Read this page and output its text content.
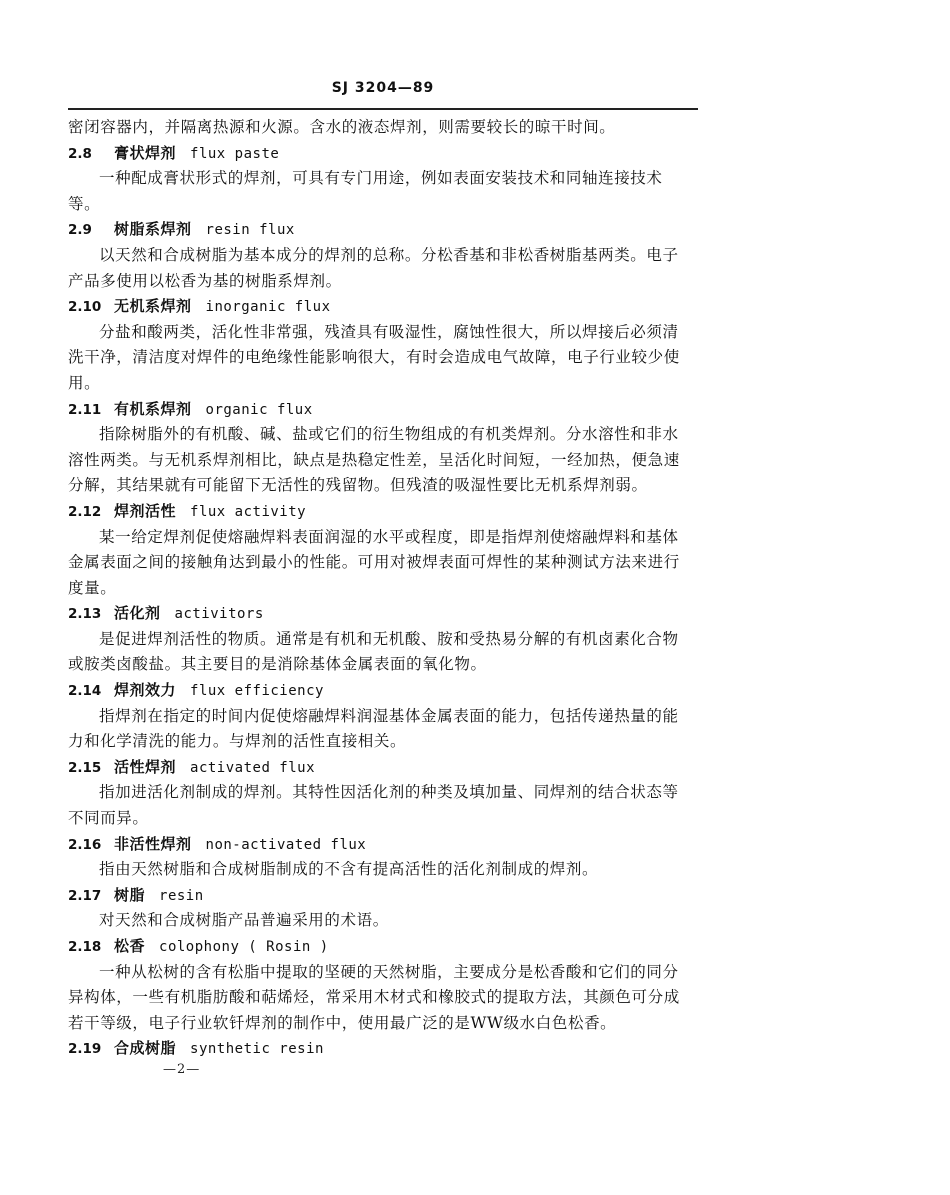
SJ 3204—89
密闭容器内，并隔离热源和火源。含水的液态焊剂，则需要较长的晾干时间。
2.8 膏状焊剂 flux paste
一种配成膏状形式的焊剂，可具有专门用途，例如表面安装技术和同轴连接技术
等。
2.9 树脂系焊剂 resin flux
以天然和合成树脂为基本成分的焊剂的总称。分松香基和非松香树脂基两类。电子
产品多使用以松香为基的树脂系焊剂。
2.10 无机系焊剂 inorganic flux
分盐和酸两类，活化性非常强，残渣具有吸湿性，腐蚀性很大，所以焊接后必须清
洗干净，清洁度对焊件的电绝缘性能影响很大，有时会造成电气故障，电子行业较少使
用。
2.11 有机系焊剂 organic flux
指除树脂外的有机酸、碱、盐或它们的衍生物组成的有机类焊剂。分水溶性和非水
溶性两类。与无机系焊剂相比，缺点是热稳定性差，呈活化时间短，一经加热，便急速
分解，其结果就有可能留下无活性的残留物。但残渣的吸湿性要比无机系焊剂弱。
2.12 焊剂活性 flux activity
某一给定焊剂促使熔融焊料表面润湿的水平或程度，即是指焊剂使熔融焊料和基体
金属表面之间的接触角达到最小的性能。可用对被焊表面可焊性的某种测试方法来进行
度量。
2.13 活化剂 activitors
是促进焊剂活性的物质。通常是有机和无机酸、胺和受热易分解的有机卤素化合物
或胺类卤酸盐。其主要目的是消除基体金属表面的氧化物。
2.14 焊剂效力 flux efficiency
指焊剂在指定的时间内促使熔融焊料润湿基体金属表面的能力，包括传递热量的能
力和化学清洗的能力。与焊剂的活性直接相关。
2.15 活性焊剂 activated flux
指加进活化剂制成的焊剂。其特性因活化剂的种类及填加量、同焊剂的结合状态等
不同而异。
2.16 非活性焊剂 non-activated flux
指由天然树脂和合成树脂制成的不含有提高活性的活化剂制成的焊剂。
2.17 树脂 resin
对天然和合成树脂产品普遍采用的术语。
2.18 松香 colophony ( Rosin )
一种从松树的含有松脂中提取的坚硬的天然树脂，主要成分是松香酸和它们的同分
异构体，一些有机脂肪酸和萜烯烃，常采用木材式和橡胶式的提取方法，其颜色可分成
若干等级，电子行业软钎焊剂的制作中，使用最广泛的是WW级水白色松香。
2.19 合成树脂 synthetic resin
—2—
